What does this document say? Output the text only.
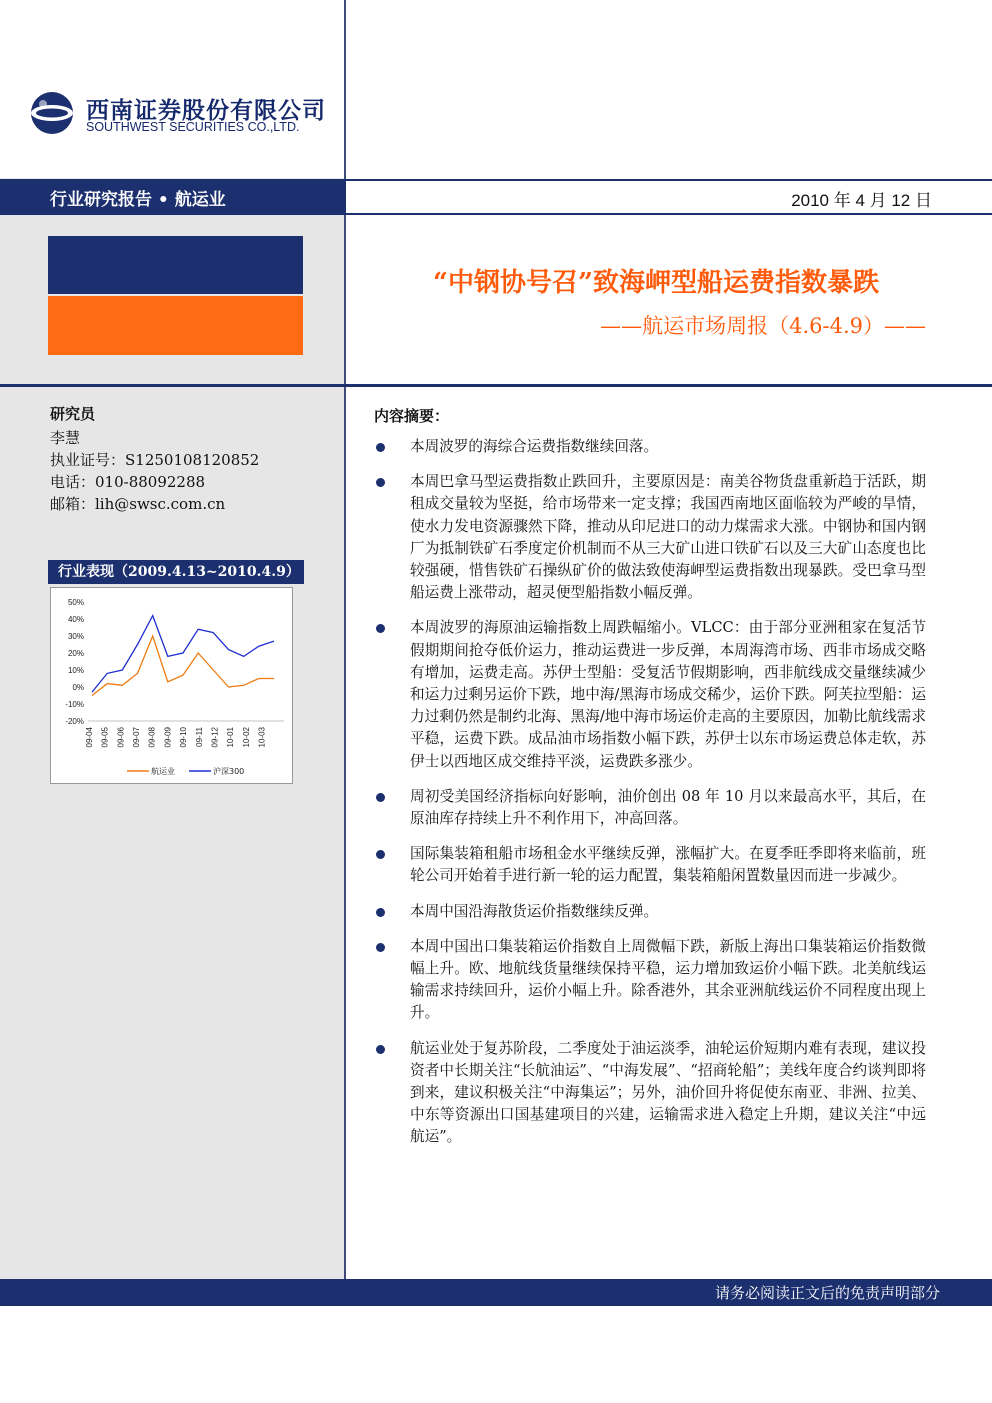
西南证券股份有限公司
SOUTHWEST SECURITIES CO.,LTD.
行业研究报告 • 航运业	2010 年 4 月 12 日
“中钢协号召”致海岬型船运费指数暴跌
——航运市场周报（4.6-4.9）——
研究员
李慧
执业证号：S1250108120852
电话：010-88092288
邮箱：lih@swsc.com.cn
行业表现（2009.4.13~2010.4.9）
50%
40%
30%
20%
10%
0%
-10%
-20%
09-04 09-05 09-06 09-07 09-08 09-09 09-10 09-11 09-12 10-01 10-02 10-03
航运业	沪深300
内容摘要：
本周波罗的海综合运费指数继续回落。
本周巴拿马型运费指数止跌回升，主要原因是：南美谷物货盘重新趋于活跃，期租成交量较为坚挺，给市场带来一定支撑；我国西南地区面临较为严峻的旱情，使水力发电资源骤然下降，推动从印尼进口的动力煤需求大涨。中钢协和国内钢厂为抵制铁矿石季度定价机制而不从三大矿山进口铁矿石以及三大矿山态度也比较强硬，惜售铁矿石操纵矿价的做法致使海岬型运费指数出现暴跌。受巴拿马型船运费上涨带动，超灵便型船指数小幅反弹。
本周波罗的海原油运输指数上周跌幅缩小。VLCC：由于部分亚洲租家在复活节假期期间抢夺低价运力，推动运费进一步反弹，本周海湾市场、西非市场成交略有增加，运费走高。苏伊士型船：受复活节假期影响，西非航线成交量继续减少和运力过剩另运价下跌，地中海/黑海市场成交稀少，运价下跌。阿芙拉型船：运力过剩仍然是制约北海、黑海/地中海市场运价走高的主要原因，加勒比航线需求平稳，运费下跌。成品油市场指数小幅下跌，苏伊士以东市场运费总体走软，苏伊士以西地区成交维持平淡，运费跌多涨少。
周初受美国经济指标向好影响，油价创出 08 年 10 月以来最高水平，其后，在原油库存持续上升不利作用下，冲高回落。
国际集装箱租船市场租金水平继续反弹，涨幅扩大。在夏季旺季即将来临前，班轮公司开始着手进行新一轮的运力配置，集装箱船闲置数量因而进一步减少。
本周中国沿海散货运价指数继续反弹。
本周中国出口集装箱运价指数自上周微幅下跌，新版上海出口集装箱运价指数微幅上升。欧、地航线货量继续保持平稳，运力增加致运价小幅下跌。北美航线运输需求持续回升，运价小幅上升。除香港外，其余亚洲航线运价不同程度出现上升。
航运业处于复苏阶段，二季度处于油运淡季，油轮运价短期内难有表现，建议投资者中长期关注“长航油运”、“中海发展”、“招商轮船”；美线年度合约谈判即将到来，建议积极关注“中海集运”；另外，油价回升将促使东南亚、非洲、拉美、中东等资源出口国基建项目的兴建，运输需求进入稳定上升期，建议关注“中远航运”。
请务必阅读正文后的免责声明部分
